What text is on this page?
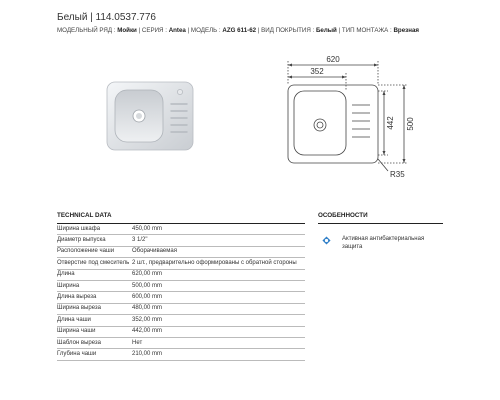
Белый | 114.0537.776
МОДЕЛЬНЫЙ РЯД : Мойки | СЕРИЯ : Antea | МОДЕЛЬ : AZG 611-62 | ВИД ПОКРЫТИЯ : Белый | ТИП МОНТАЖА : Врезная
620
352
442 500
R35
TECHNICAL DATA	ОСОБЕННОСТИ
Ширина шкафа	450,00 mm
Диаметр выпуска	3 1/2"
Расположение чаши	Оборачиваемая
Отверстие под смеситель	2 шт., предварительно оформированы с обратной стороны
Длина	620,00 mm
Ширина	500,00 mm
Длина выреза	600,00 mm
Ширина выреза	480,00 mm
Длина чаши	352,00 mm
Ширина чаши	442,00 mm
Шаблон выреза	Нет
Глубина чаши	210,00 mm
Активная антибактериальная защита
